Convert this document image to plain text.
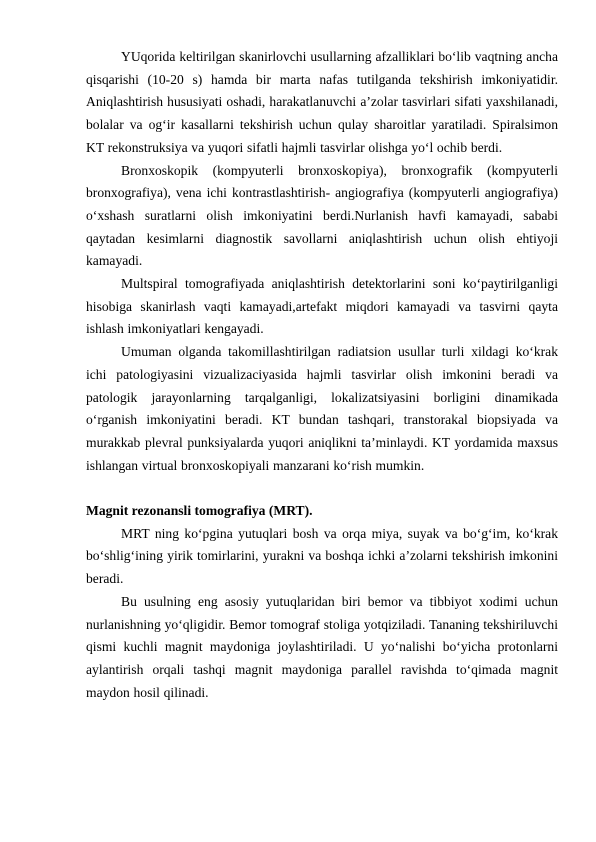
YUqorida keltirilgan skanirlovchi usullarning afzalliklari bo‘lib vaqtning ancha qisqarishi (10-20 s) hamda bir marta nafas tutilganda tekshirish imkoniyatidir. Aniqlashtirish hususiyati oshadi, harakatlanuvchi a’zolar tasvirlari sifati yaxshilanadi, bolalar va og‘ir kasallarni tekshirish uchun qulay sharoitlar yaratiladi. Spiralsimon KT rekonstruksiya va yuqori sifatli hajmli tasvirlar olishga yo‘l ochib berdi.

Bronxoskopik (kompyuterli bronxoskopiya), bronxografik (kompyuterli bronxografiya), vena ichi kontrastlashtirish- angiografiya (kompyuterli angiografiya) o‘xshash suratlarni olish imkoniyatini berdi.Nurlanish havfi kamayadi, sababi qaytadan kesimlarni diagnostik savollarni aniqlashtirish uchun olish ehtiyoji kamayadi.

Multspiral tomografiyada aniqlashtirish detektorlarini soni ko‘paytirilganligi hisobiga skanirlash vaqti kamayadi,artefakt miqdori kamayadi va tasvirni qayta ishlash imkoniyatlari kengayadi.

Umuman olganda takomillashtirilgan radiatsion usullar turli xildagi ko‘krak ichi patologiyasini vizualizaciyasida hajmli tasvirlar olish imkonini beradi va patologik jarayonlarning tarqalganligi, lokalizatsiyasini borligini dinamikada o‘rganish imkoniyatini beradi. KT bundan tashqari, transtorakal biopsiyada va murakkab plevral punksiyalarda yuqori aniqlikni ta’minlaydi. KT yordamida maxsus ishlangan virtual bronxoskopiyali manzarani ko‘rish mumkin.

Magnit rezonansli tomografiya (MRT).

MRT ning ko‘pgina yutuqlari bosh va orqa miya, suyak va bo‘g‘im, ko‘krak bo‘shlig‘ining yirik tomirlarini, yurakni va boshqa ichki a’zolarni tekshirish imkonini beradi.

Bu usulning eng asosiy yutuqlaridan biri bemor va tibbiyot xodimi uchun nurlanishning yo‘qligidir. Bemor tomograf stoliga yotqiziladi. Tananing tekshiriluvchi qismi kuchli magnit maydoniga joylashtiriladi. U yo‘nalishi bo‘yicha protonlarni aylantirish orqali tashqi magnit maydoniga parallel ravishda to‘qimada magnit maydon hosil qilinadi.
